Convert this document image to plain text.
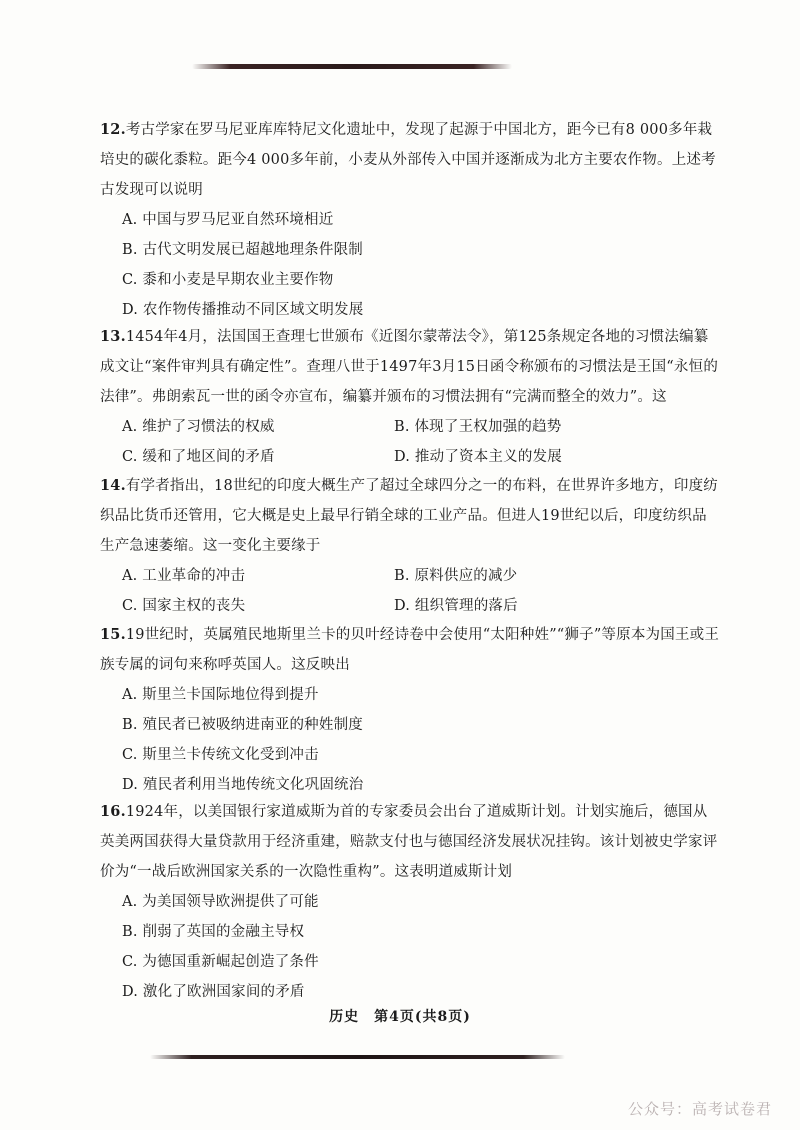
12.考古学家在罗马尼亚库库特尼文化遗址中，发现了起源于中国北方，距今已有8 000多年栽培史的碳化黍粒。距今4 000多年前，小麦从外部传入中国并逐渐成为北方主要农作物。上述考古发现可以说明

A. 中国与罗马尼亚自然环境相近
B. 古代文明发展已超越地理条件限制
C. 黍和小麦是早期农业主要作物
D. 农作物传播推动不同区域文明发展

13.1454年4月，法国国王查理七世颁布《近图尔蒙蒂法令》，第125条规定各地的习惯法编纂成文让“案件审判具有确定性”。查理八世于1497年3月15日函令称颁布的习惯法是王国“永恒的法律”。弗朗索瓦一世的函令亦宣布，编纂并颁布的习惯法拥有“完满而整全的效力”。这

A. 维护了习惯法的权威	B. 体现了王权加强的趋势
C. 缓和了地区间的矛盾	D. 推动了资本主义的发展

14.有学者指出，18世纪的印度大概生产了超过全球四分之一的布料，在世界许多地方，印度纺织品比货币还管用，它大概是史上最早行销全球的工业产品。但进人19世纪以后，印度纺织品生产急速萎缩。这一变化主要缘于

A. 工业革命的冲击	B. 原料供应的减少
C. 国家主权的丧失	D. 组织管理的落后

15.19世纪时，英属殖民地斯里兰卡的贝叶经诗卷中会使用“太阳种姓”“狮子”等原本为国王或王族专属的词句来称呼英国人。这反映出

A. 斯里兰卡国际地位得到提升
B. 殖民者已被吸纳进南亚的种姓制度
C. 斯里兰卡传统文化受到冲击
D. 殖民者利用当地传统文化巩固统治

16.1924年，以美国银行家道威斯为首的专家委员会出台了道威斯计划。计划实施后，德国从英美两国获得大量贷款用于经济重建，赔款支付也与德国经济发展状况挂钩。该计划被史学家评价为“一战后欧洲国家关系的一次隐性重构”。这表明道威斯计划

A. 为美国领导欧洲提供了可能
B. 削弱了英国的金融主导权
C. 为德国重新崛起创造了条件
D. 激化了欧洲国家间的矛盾
历史　第4页(共8页)
公众号：高考试卷君
